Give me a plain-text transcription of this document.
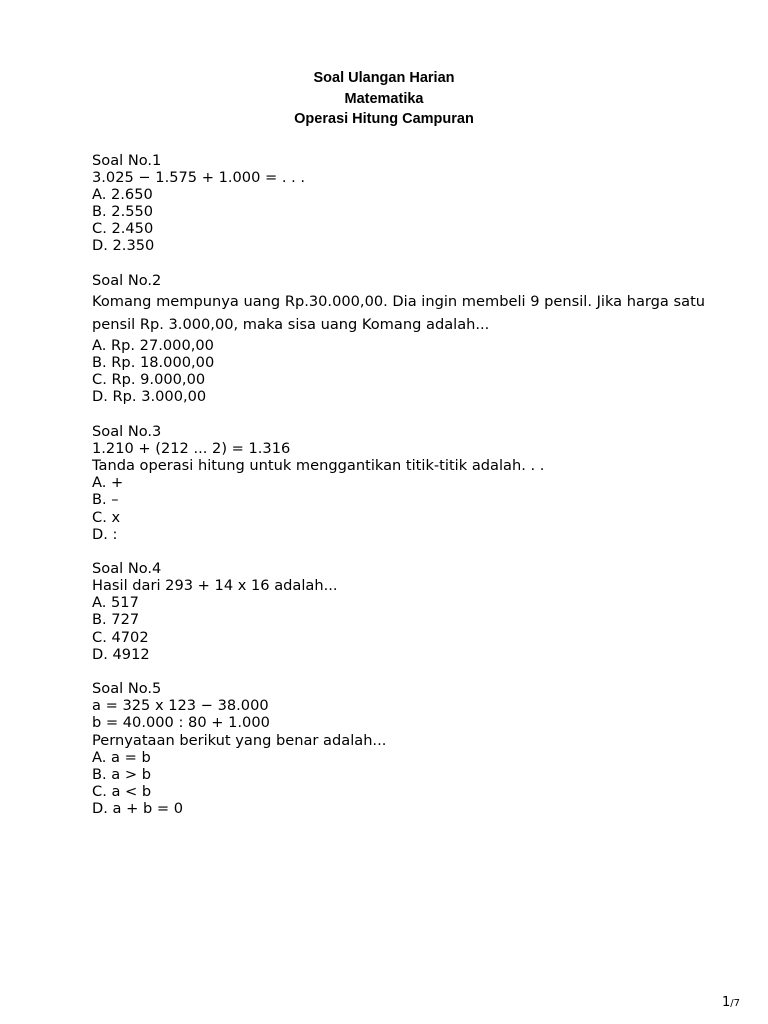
Soal Ulangan Harian
Matematika
Operasi Hitung Campuran
Soal No.1
3.025 − 1.575 + 1.000 = . . .
A. 2.650
B. 2.550
C. 2.450
D. 2.350
Soal No.2
Komang mempunya uang Rp.30.000,00. Dia ingin membeli 9 pensil. Jika harga satu pensil Rp. 3.000,00, maka sisa uang Komang adalah...
A. Rp. 27.000,00
B. Rp. 18.000,00
C. Rp. 9.000,00
D. Rp. 3.000,00
Soal No.3
1.210 + (212 ... 2) = 1.316
Tanda operasi hitung untuk menggantikan titik-titik adalah. . .
A. +
B. –
C. x
D. :
Soal No.4
Hasil dari 293 + 14 x 16 adalah...
A. 517
B. 727
C. 4702
D. 4912
Soal No.5
a = 325 x 123 − 38.000
b = 40.000 : 80 + 1.000
Pernyataan berikut yang benar adalah...
A. a = b
B. a > b
C. a < b
D. a + b = 0
1/7
